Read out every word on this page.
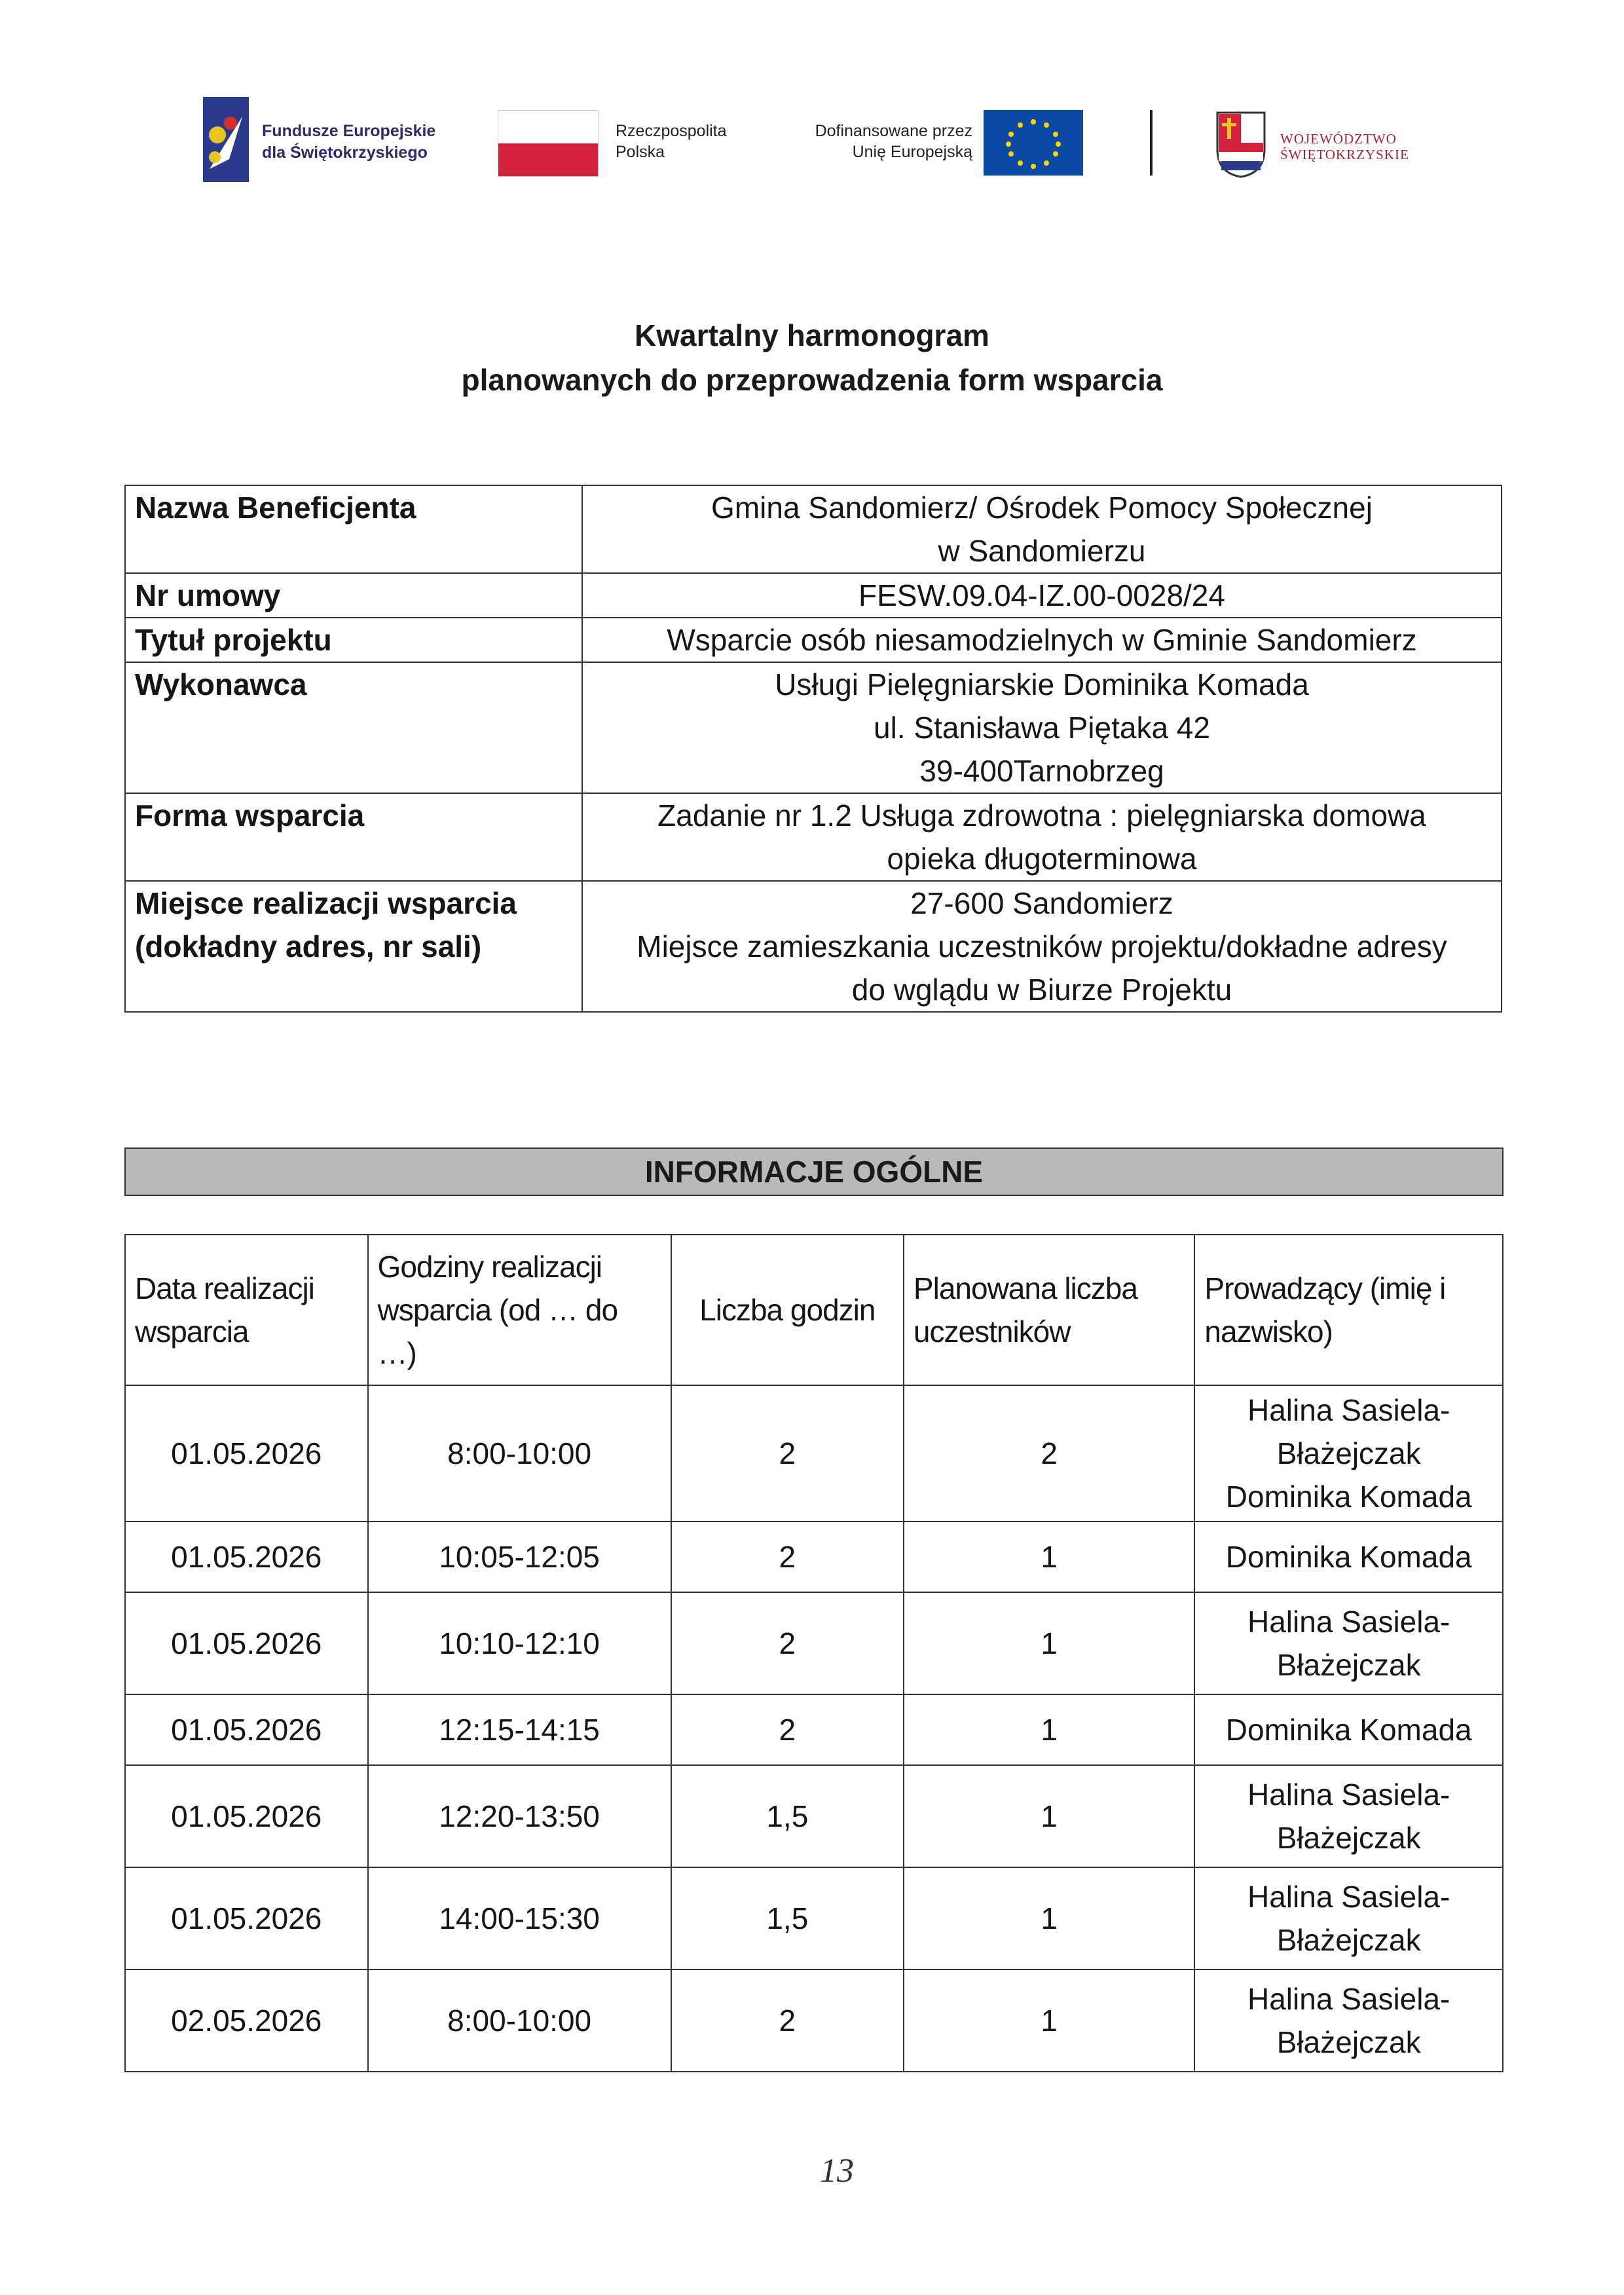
Fundusze Europejskie
dla Świętokrzyskiego
Rzeczpospolita
Polska
Dofinansowane przez
Unię Europejską
WOJEWÓDZTWO
ŚWIĘTOKRZYSKIE
Kwartalny harmonogram
planowanych do przeprowadzenia form wsparcia
Nazwa Beneficjenta	Gmina Sandomierz/ Ośrodek Pomocy Społecznej
w Sandomierzu

Nr umowy	FESW.09.04-IZ.00-0028/24

Tytuł projektu	Wsparcie osób niesamodzielnych w Gminie Sandomierz

Wykonawca	Usługi Pielęgniarskie Dominika Komada
ul. Stanisława Piętaka 42
39-400Tarnobrzeg

Forma wsparcia	Zadanie nr 1.2 Usługa zdrowotna : pielęgniarska domowa
opieka długoterminowa

Miejsce realizacji wsparcia (dokładny adres, nr sali)	27-600 Sandomierz
Miejsce zamieszkania uczestników projektu/dokładne adresy
do wglądu w Biurze Projektu
INFORMACJE OGÓLNE
Data realizacji wsparcia	Godziny realizacji wsparcia (od … do …)	Liczba godzin	Planowana liczba uczestników	Prowadzący (imię i nazwisko)
01.05.2026	8:00-10:00	2	2	Halina Sasiela-
Błażejczak
Dominika Komada

01.05.2026	10:05-12:05	2	1	Dominika Komada

01.05.2026	10:10-12:10	2	1	Halina Sasiela-
Błażejczak

01.05.2026	12:15-14:15	2	1	Dominika Komada

01.05.2026	12:20-13:50	1,5	1	Halina Sasiela-
Błażejczak

01.05.2026	14:00-15:30	1,5	1	Halina Sasiela-
Błażejczak

02.05.2026	8:00-10:00	2	1	Halina Sasiela-
Błażejczak
13
